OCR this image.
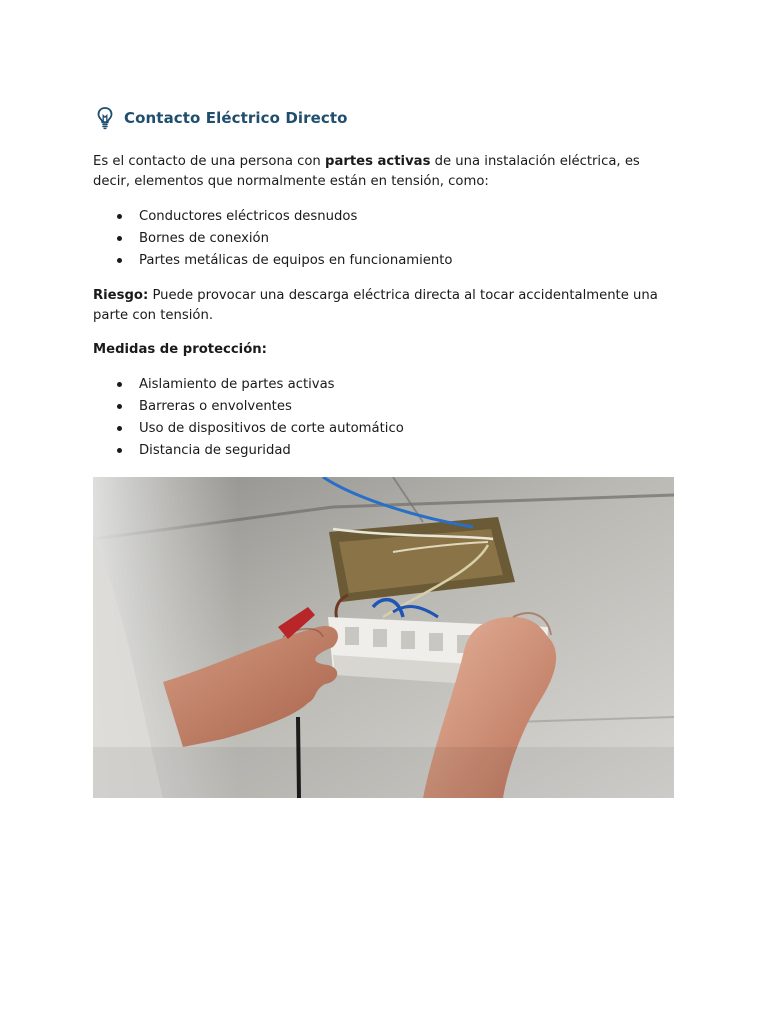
Contacto Eléctrico Directo

Es el contacto de una persona con partes activas de una instalación eléctrica, es decir, elementos que normalmente están en tensión, como:

Conductores eléctricos desnudos
Bornes de conexión
Partes metálicas de equipos en funcionamiento

Riesgo: Puede provocar una descarga eléctrica directa al tocar accidentalmente una parte con tensión.

Medidas de protección:

Aislamiento de partes activas
Barreras o envolventes
Uso de dispositivos de corte automático
Distancia de seguridad
